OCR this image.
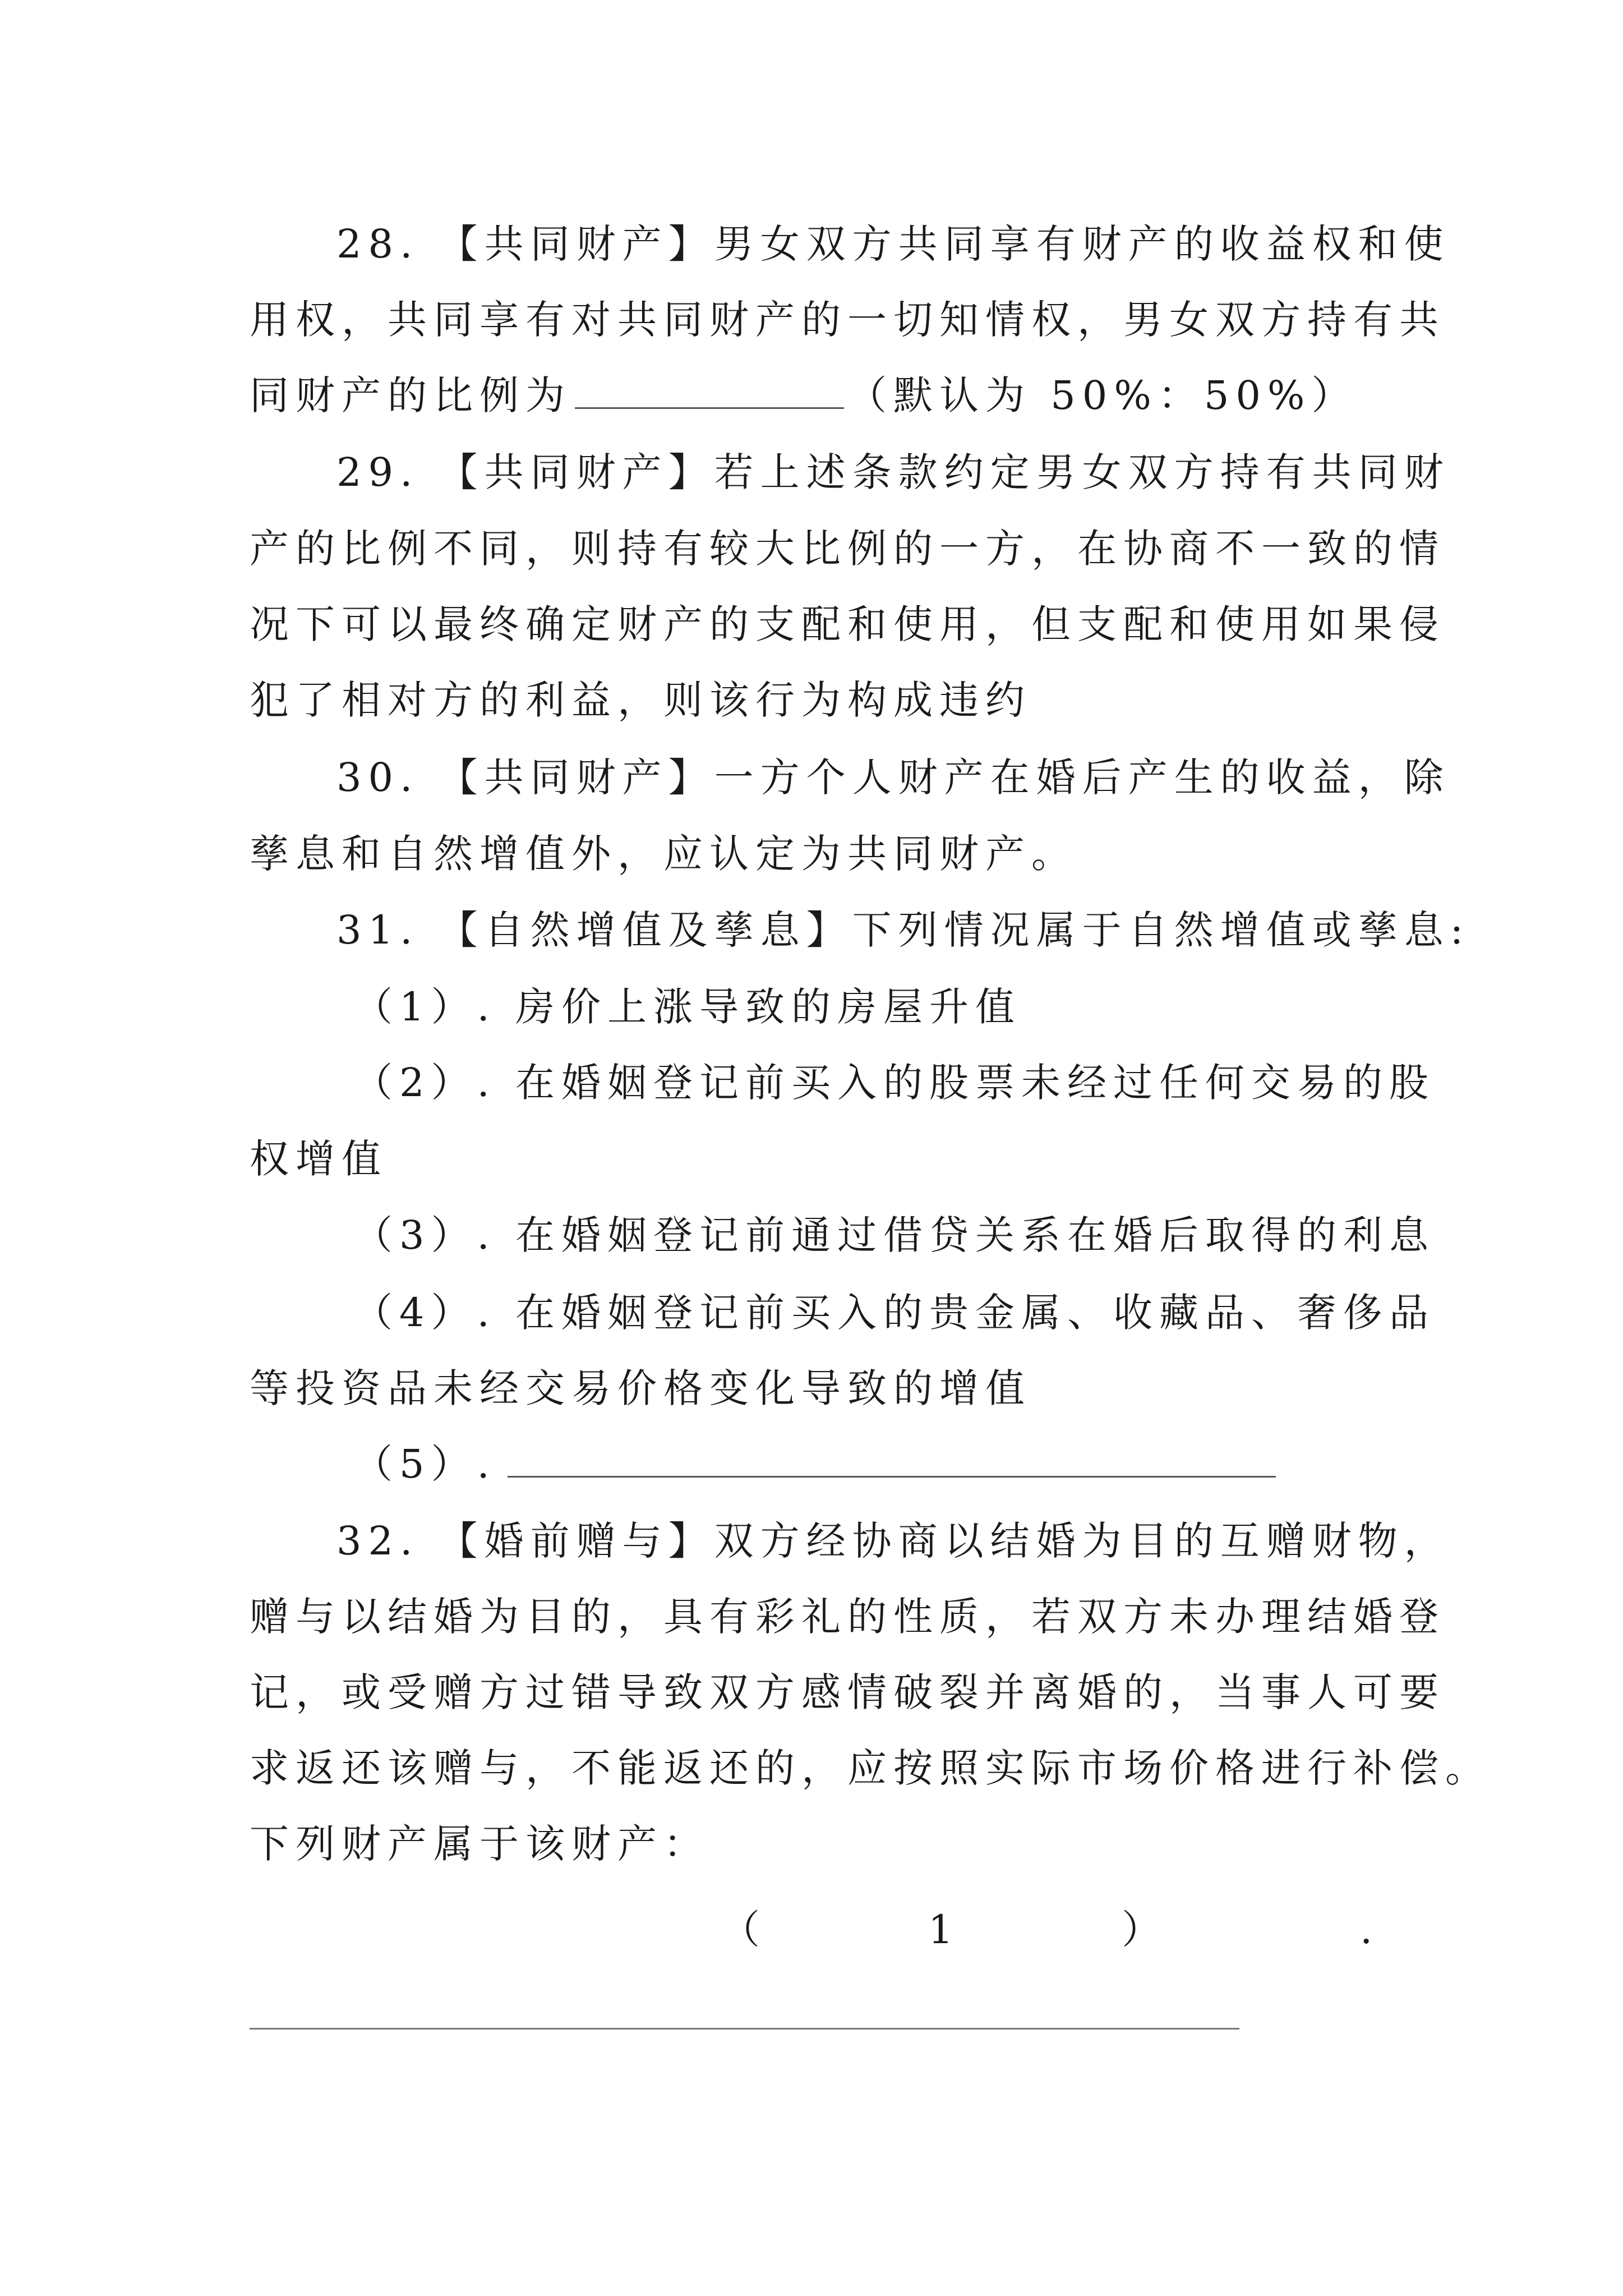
28. 【共同财产】男女双方共同享有财产的收益权和使
用权，共同享有对共同财产的一切知情权，男女双方持有共
同财产的比例为	（默认为 50%：50%）
29. 【共同财产】若上述条款约定男女双方持有共同财
产的比例不同，则持有较大比例的一方，在协商不一致的情
况下可以最终确定财产的支配和使用，但支配和使用如果侵
犯了相对方的利益，则该行为构成违约
30. 【共同财产】一方个人财产在婚后产生的收益，除
孳息和自然增值外，应认定为共同财产。
31. 【自然增值及孳息】下列情况属于自然增值或孳息:
（1）. 房价上涨导致的房屋升值
（2）. 在婚姻登记前买入的股票未经过任何交易的股
权增值
（3）. 在婚姻登记前通过借贷关系在婚后取得的利息
（4）. 在婚姻登记前买入的贵金属、收藏品、奢侈品
等投资品未经交易价格变化导致的增值
（5）.
32. 【婚前赠与】双方经协商以结婚为目的互赠财物，
赠与以结婚为目的，具有彩礼的性质，若双方未办理结婚登
记，或受赠方过错导致双方感情破裂并离婚的，当事人可要
求返还该赠与，不能返还的，应按照实际市场价格进行补偿。
下列财产属于该财产：
（	1	）	.
